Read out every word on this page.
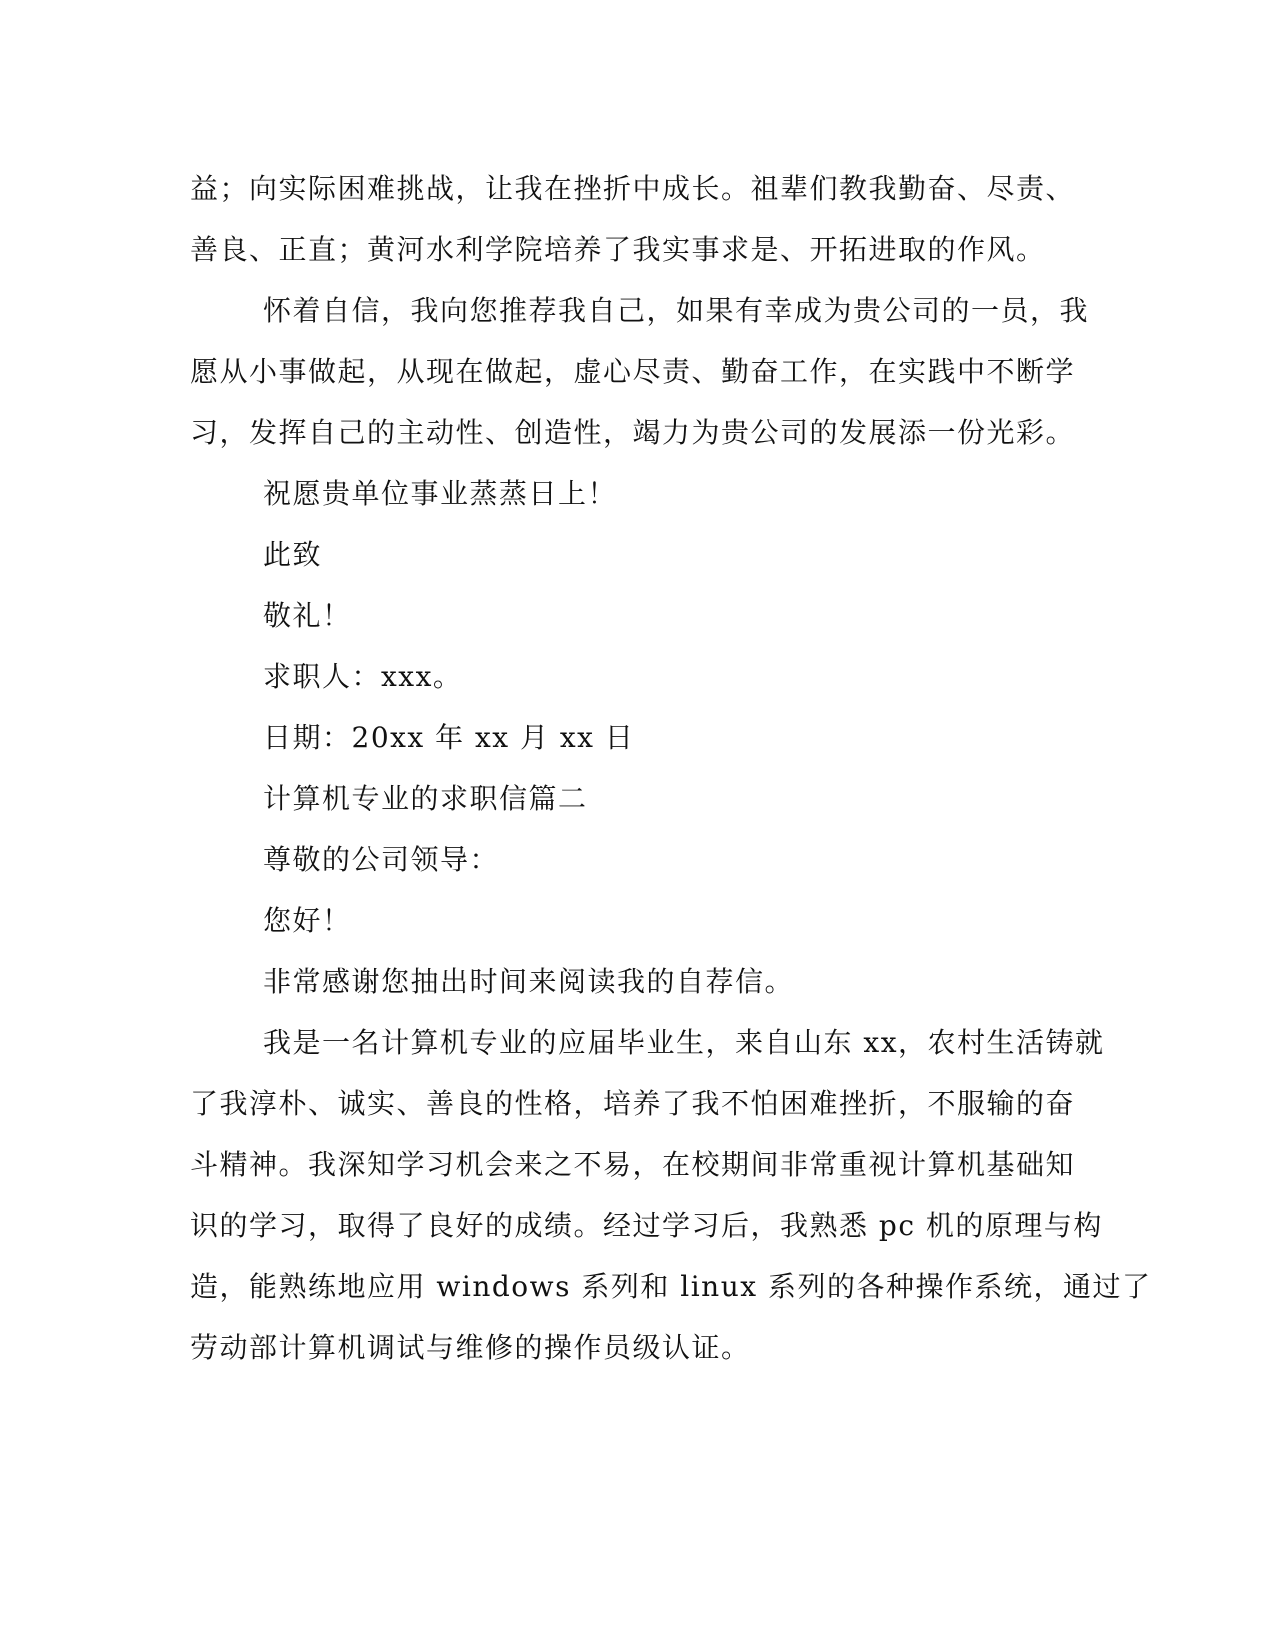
益；向实际困难挑战，让我在挫折中成长。祖辈们教我勤奋、尽责、
善良、正直；黄河水利学院培养了我实事求是、开拓进取的作风。
怀着自信，我向您推荐我自己，如果有幸成为贵公司的一员，我
愿从小事做起，从现在做起，虚心尽责、勤奋工作，在实践中不断学
习，发挥自己的主动性、创造性，竭力为贵公司的发展添一份光彩。
祝愿贵单位事业蒸蒸日上！
此致
敬礼！
求职人：xxx。
日期：20xx 年 xx 月 xx 日
计算机专业的求职信篇二
尊敬的公司领导：
您好！
非常感谢您抽出时间来阅读我的自荐信。
我是一名计算机专业的应届毕业生，来自山东 xx，农村生活铸就
了我淳朴、诚实、善良的性格，培养了我不怕困难挫折，不服输的奋
斗精神。我深知学习机会来之不易，在校期间非常重视计算机基础知
识的学习，取得了良好的成绩。经过学习后，我熟悉 pc 机的原理与构
造，能熟练地应用 windows 系列和 linux 系列的各种操作系统，通过了
劳动部计算机调试与维修的操作员级认证。
